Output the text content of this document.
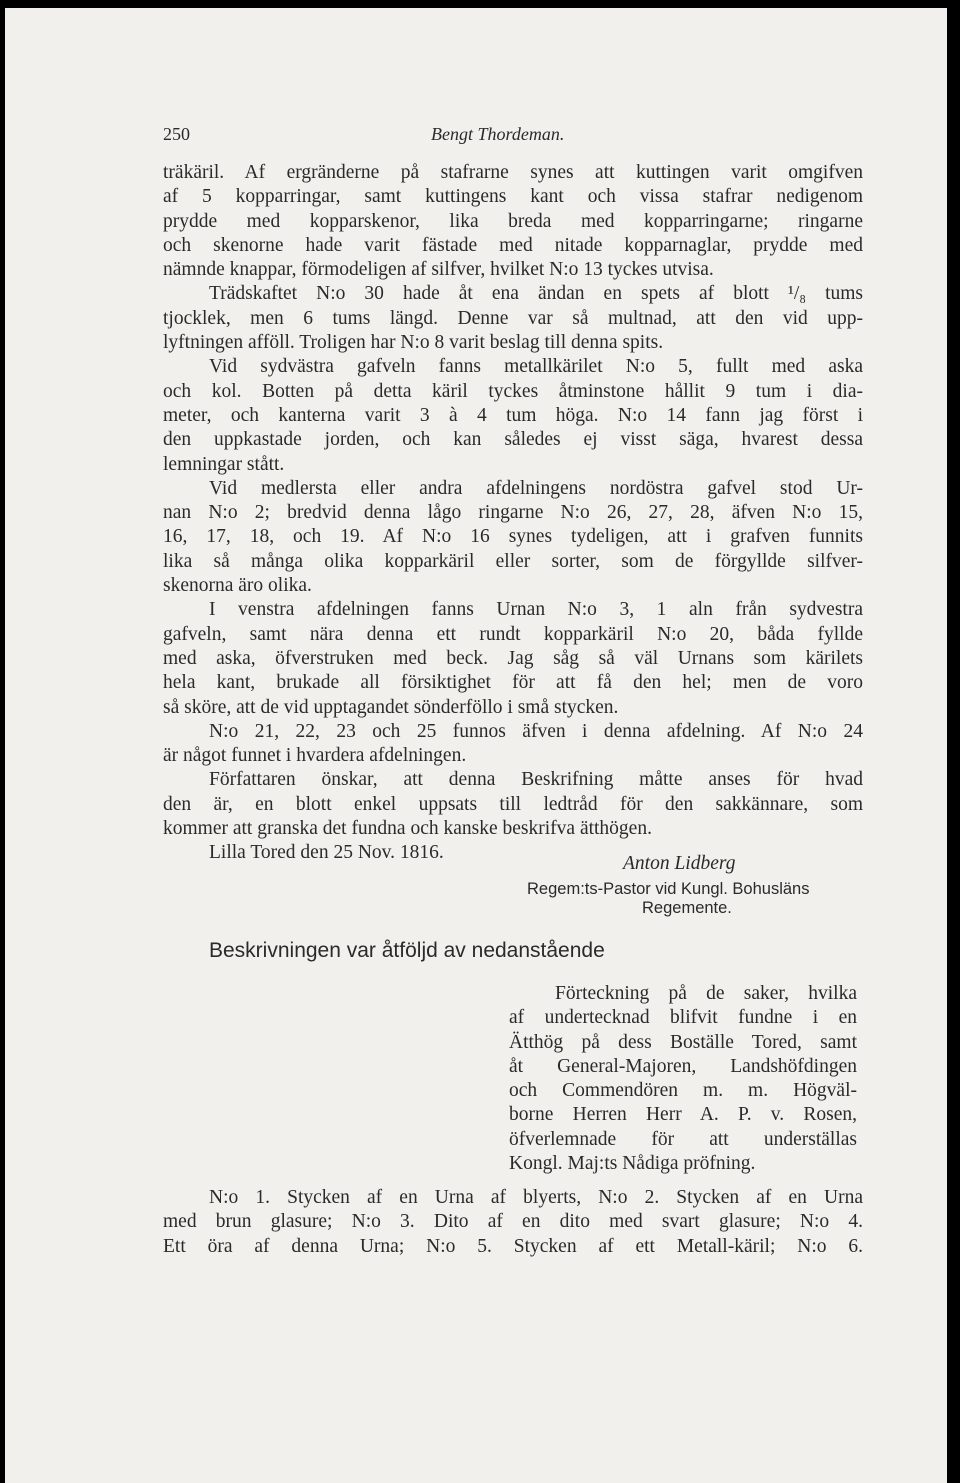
250	Bengt Thordeman.
träkäril. Af ergränderne på stafrarne synes att kuttingen varit omgifven
af 5 kopparringar, samt kuttingens kant och vissa stafrar nedigenom
prydde med kopparskenor, lika breda med kopparringarne; ringarne
och skenorne hade varit fästade med nitade kopparnaglar, prydde med
nämnde knappar, förmodeligen af silfver, hvilket N:o 13 tyckes utvisa.
Trädskaftet N:o 30 hade åt ena ändan en spets af blott ¹/₈ tums
tjocklek, men 6 tums längd. Denne var så multnad, att den vid upp-
lyftningen afföll. Troligen har N:o 8 varit beslag till denna spits.
Vid sydvästra gafveln fanns metallkärilet N:o 5, fullt med aska
och kol. Botten på detta käril tyckes åtminstone hållit 9 tum i dia-
meter, och kanterna varit 3 à 4 tum höga. N:o 14 fann jag först i
den uppkastade jorden, och kan således ej visst säga, hvarest dessa
lemningar stått.
Vid medlersta eller andra afdelningens nordöstra gafvel stod Ur-
nan N:o 2; bredvid denna lågo ringarne N:o 26, 27, 28, äfven N:o 15,
16, 17, 18, och 19. Af N:o 16 synes tydeligen, att i grafven funnits
lika så många olika kopparkäril eller sorter, som de förgyllde silfver-
skenorna äro olika.
I venstra afdelningen fanns Urnan N:o 3, 1 aln från sydvestra
gafveln, samt nära denna ett rundt kopparkäril N:o 20, båda fyllde
med aska, öfverstruken med beck. Jag såg så väl Urnans som kärilets
hela kant, brukade all försiktighet för att få den hel; men de voro
så sköre, att de vid upptagandet sönderföllo i små stycken.
N:o 21, 22, 23 och 25 funnos äfven i denna afdelning. Af N:o 24
är något funnet i hvardera afdelningen.
Författaren önskar, att denna Beskrifning måtte anses för hvad
den är, en blott enkel uppsats till ledtråd för den sakkännare, som
kommer att granska det fundna och kanske beskrifva ätthögen.
Lilla Tored den 25 Nov. 1816.
Anton Lidberg
Regem:ts-Pastor vid Kungl. Bohusläns
Regemente.
Beskrivningen var åtföljd av nedanstående
Förteckning på de saker, hvilka
af undertecknad blifvit fundne i en
Ätthög på dess Boställe Tored, samt
åt General-Majoren, Landshöfdingen
och Commendören m. m. Högväl-
borne Herren Herr A. P. v. Rosen,
öfverlemnade för att underställas
Kongl. Maj:ts Nådiga pröfning.
N:o 1. Stycken af en Urna af blyerts, N:o 2. Stycken af en Urna
med brun glasure; N:o 3. Dito af en dito med svart glasure; N:o 4.
Ett öra af denna Urna; N:o 5. Stycken af ett Metall-käril; N:o 6.
